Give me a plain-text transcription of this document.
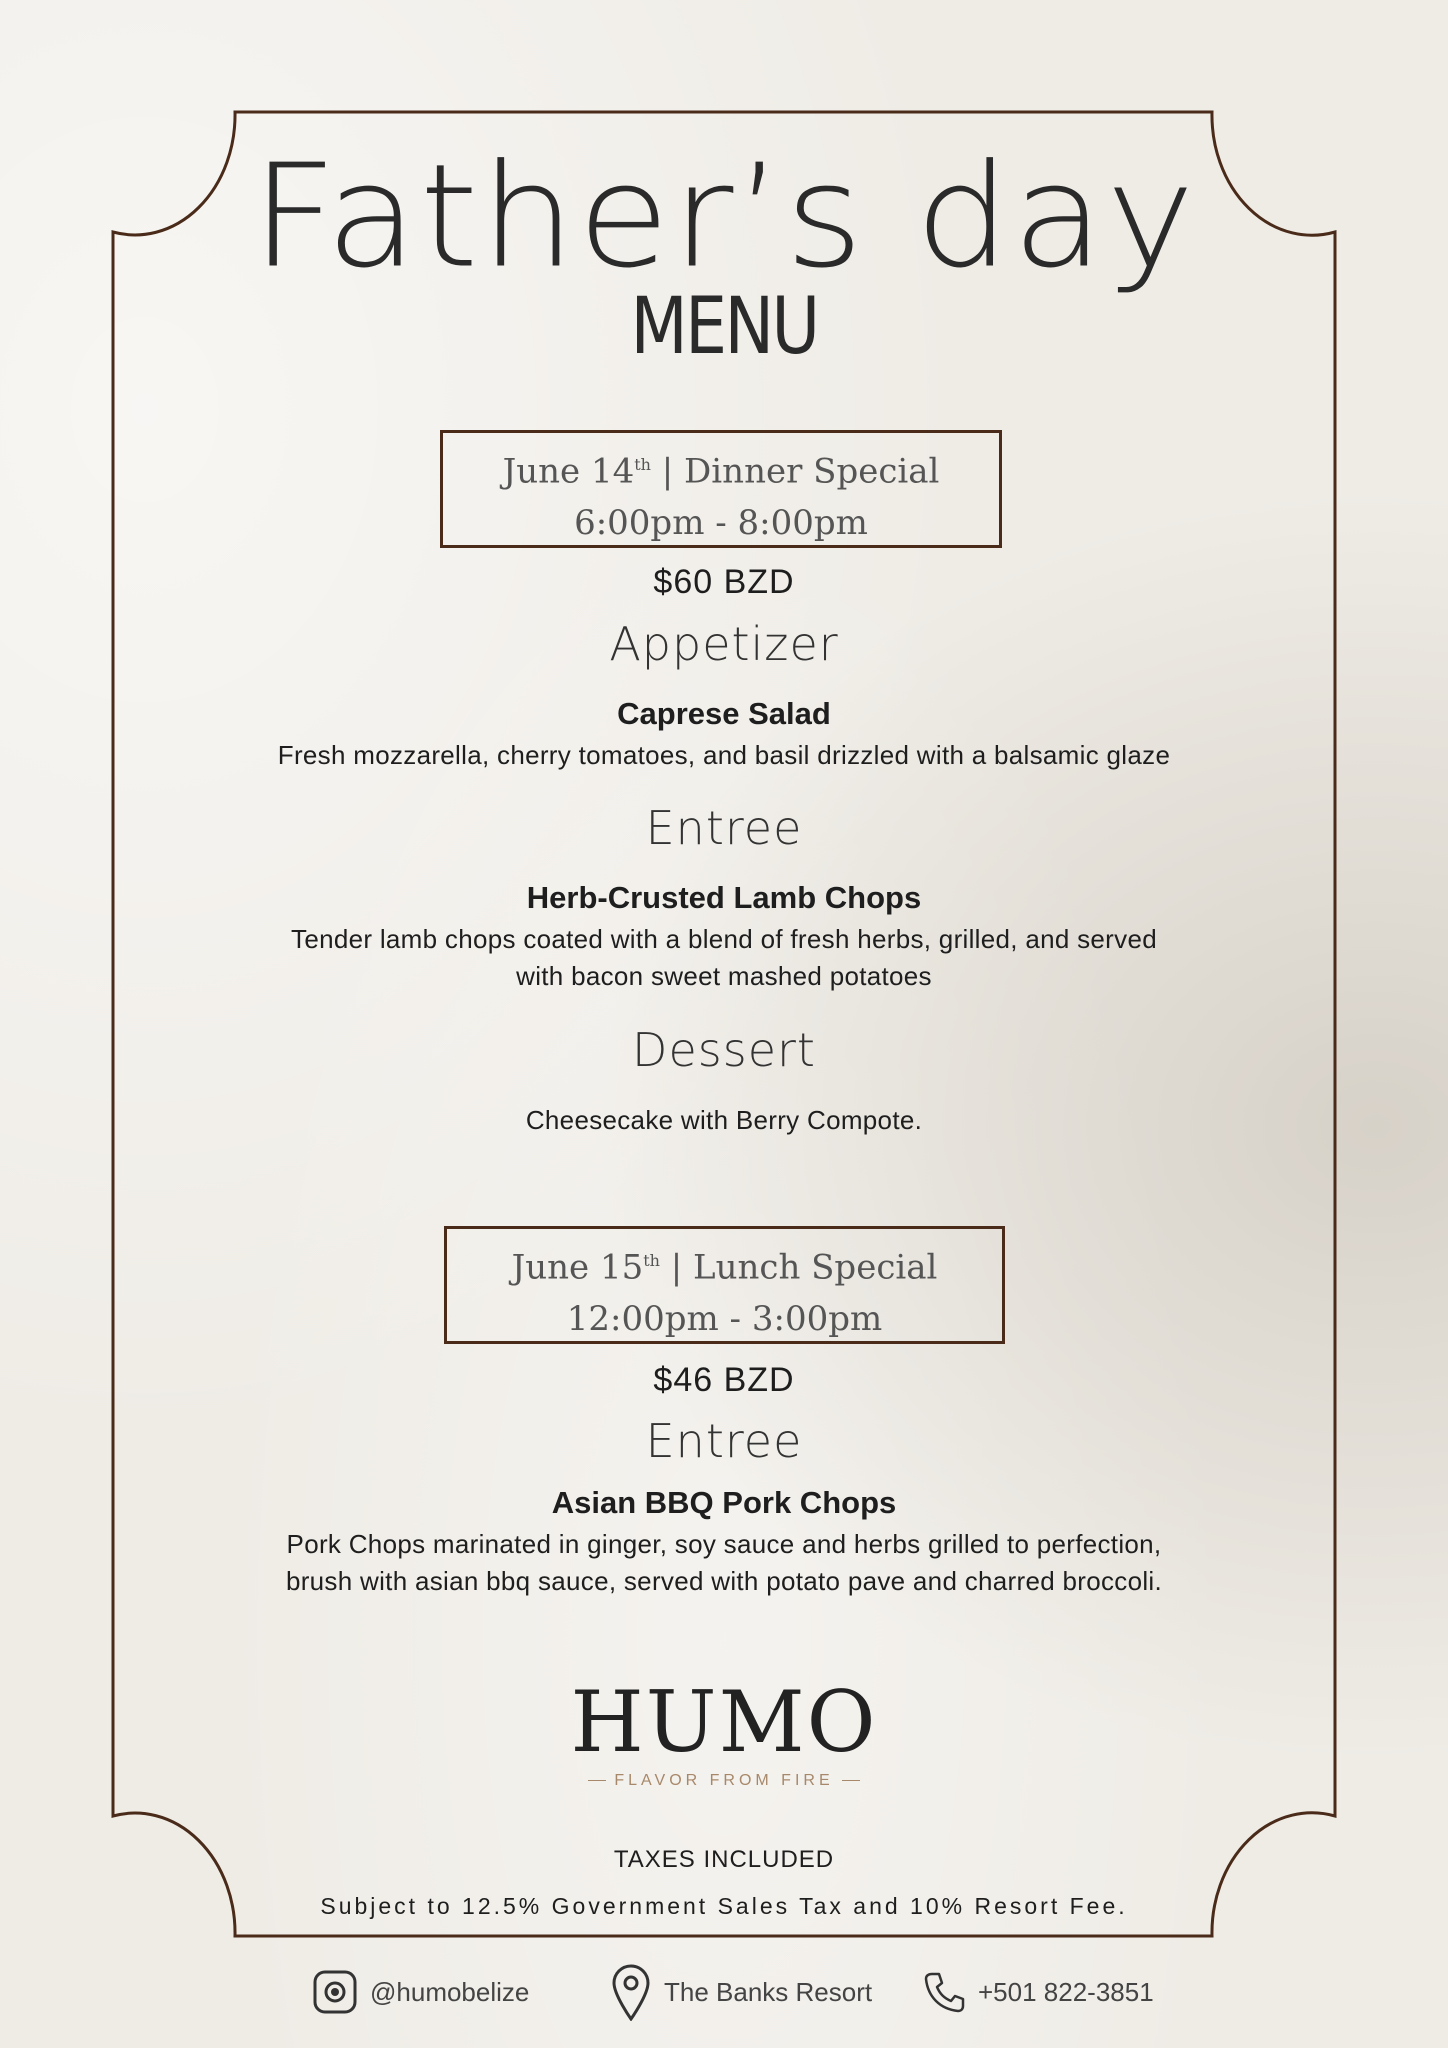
Father’s day
MENU
June 14th | Dinner Special
6:00pm - 8:00pm
$60 BZD
Appetizer
Caprese Salad
Fresh mozzarella, cherry tomatoes, and basil drizzled with a balsamic glaze
Entree
Herb-Crusted Lamb Chops
Tender lamb chops coated with a blend of fresh herbs, grilled, and served
with bacon sweet mashed potatoes
Dessert
Cheesecake with Berry Compote.
June 15th | Lunch Special
12:00pm - 3:00pm
$46 BZD
Entree
Asian BBQ Pork Chops
Pork Chops marinated in ginger, soy sauce and herbs grilled to perfection,
brush with asian bbq sauce, served with potato pave and charred broccoli.
HUMO
FLAVOR FROM FIRE
TAXES INCLUDED
Subject to 12.5% Government Sales Tax and 10% Resort Fee.
@humobelize	The Banks Resort	+501 822-3851
